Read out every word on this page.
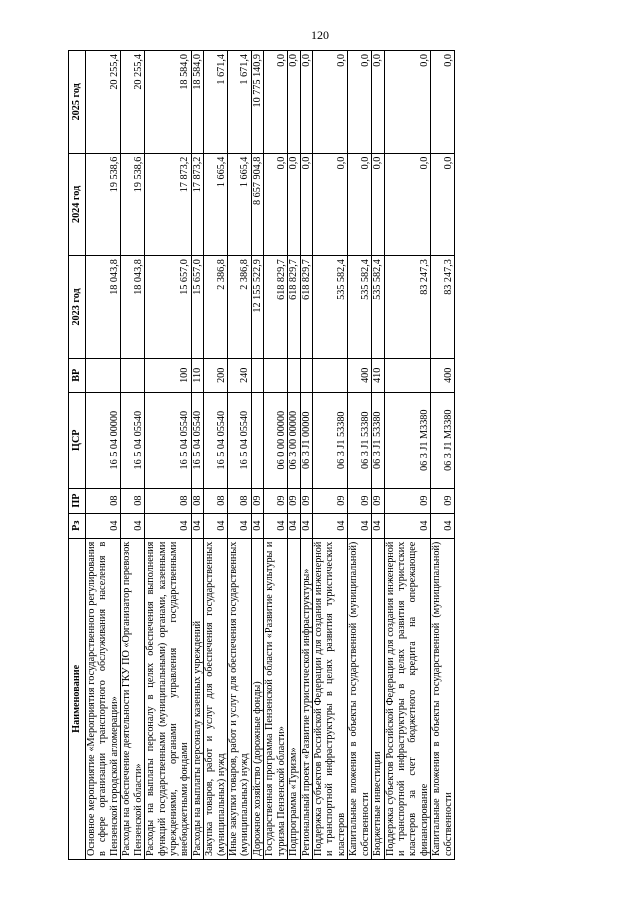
120
Наименование	Рз	ПР	ЦСР	ВР	2023 год	2024 год	2025 год
Основное мероприятие «Мероприятия государственного регулирования в сфере организации транспортного обслуживания населения в Пензенской городской агломерации»	04	08	16 5 04 00000		18 043,8	19 538,6	20 255,4
Расходы на обеспечение деятельности ГКУ ПО «Организатор перевозок Пензенской области»	04	08	16 5 04 05540		18 043,8	19 538,6	20 255,4
Расходы на выплаты персоналу в целях обеспечения выполнения функций государственными (муниципальными) органами, казенными учреждениями, органами управления государственными внебюджетными фондами	04	08	16 5 04 05540	100	15 657,0	17 873,2	18 584,0
Расходы на выплаты персоналу казенных учреждений	04	08	16 5 04 05540	110	15 657,0	17 873,2	18 584,0
Закупка товаров, работ и услуг для обеспечения государственных (муниципальных) нужд	04	08	16 5 04 05540	200	2 386,8	1 665,4	1 671,4
Иные закупки товаров, работ и услуг для обеспечения государственных (муниципальных) нужд	04	08	16 5 04 05540	240	2 386,8	1 665,4	1 671,4
Дорожное хозяйство (дорожные фонды)	04	09			12 155 522,9	8 657 904,8	10 775 140,9
Государственная программа Пензенской области «Развитие культуры и туризма Пензенской области»	04	09	06 0 00 00000		618 829,7	0,0	0,0
Подпрограмма «Туризм»	04	09	06 3 00 00000		618 829,7	0,0	0,0
Региональный проект «Развитие туристической инфраструктуры»	04	09	06 3 J1 00000		618 829,7	0,0	0,0
Поддержка субъектов Российской Федерации для создания инженерной и транспортной инфраструктуры в целях развития туристических кластеров	04	09	06 3 J1 53380		535 582,4	0,0	0,0
Капитальные вложения в объекты государственной (муниципальной) собственности	04	09	06 3 J1 53380	400	535 582,4	0,0	0,0
Бюджетные инвестиции	04	09	06 3 J1 53380	410	535 582,4	0,0	0,0
Поддержка субъектов Российской Федерации для создания инженерной и транспортной инфраструктуры в целях развития туристских кластеров за счет бюджетного кредита на опережающее финансирование	04	09	06 3 J1 М3380		83 247,3	0,0	0,0
Капитальные вложения в объекты государственной (муниципальной) собственности	04	09	06 3 J1 М3380	400	83 247,3	0,0	0,0
